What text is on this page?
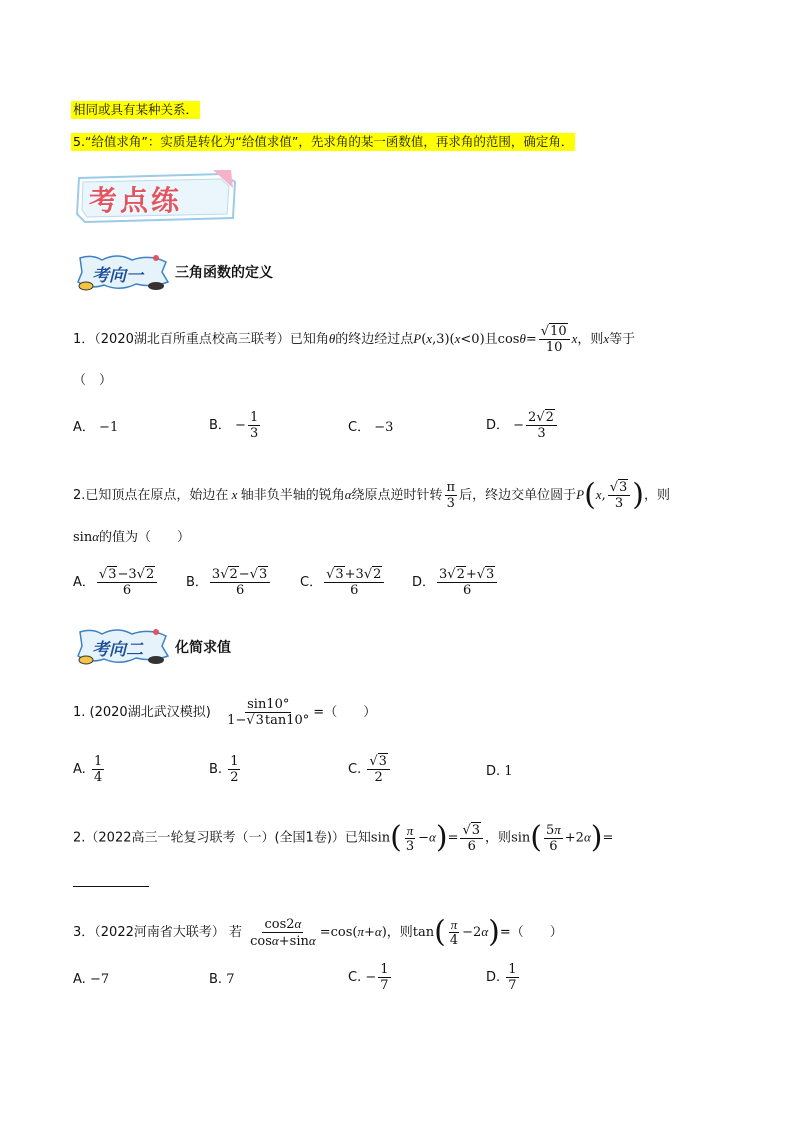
相同或具有某种关系．
5.“给值求角”：实质是转化为“给值求值”，先求角的某一函数值，再求角的范围，确定角．
考点练
考向一 三角函数的定义
1．（2020湖北百所重点校高三联考）已知角θ的终边经过点P(x,3)(x<0)且$\cos\theta= \frac{√10}{10}$ x，则x等于
（　）
A． −1	B． − $\frac{1}{3}$	C． −3	D． − $\frac{2√2}{3}$
2.已知顶点在原点，始边在 x 轴非负半轴的锐角α绕原点逆时针转 $\frac{\pi}{3}$ 后，终边交单位圆于P(x, $\frac{√3}{3}$ )，则
sinα的值为（　　）
A． $\frac{√3-3√2}{6}$ B． $\frac{3√2-√3}{6}$ C． $\frac{√3+3√2}{6}$ D． $\frac{3√2+√3}{6}$
考向二 化简求值
1. (2020湖北武汉模拟) $\frac{\sin 10^\circ}{1-√3\tan 10^\circ}$ =（　　）
A. $\frac{1}{4}$	B. $\frac{1}{2}$	C. $\frac{√3}{2}$	D. 1
2.（2022高三一轮复习联考（一）(全国1卷)）已知$\sin( \frac{\pi}{3} -\alpha)= \frac{√3}{6}$ ，则$\sin( \frac{5\pi}{6} +2\alpha)=$
3．（2022河南省大联考） 若 $\frac{\cos 2\alpha}{\cos\alpha+\sin\alpha} =\cos(\pi+\alpha)$，则$\tan( \frac{\pi}{4} -2\alpha)=$（　　）
A. −7	B. 7	C. − $\frac{1}{7}$	D. $\frac{1}{7}$
